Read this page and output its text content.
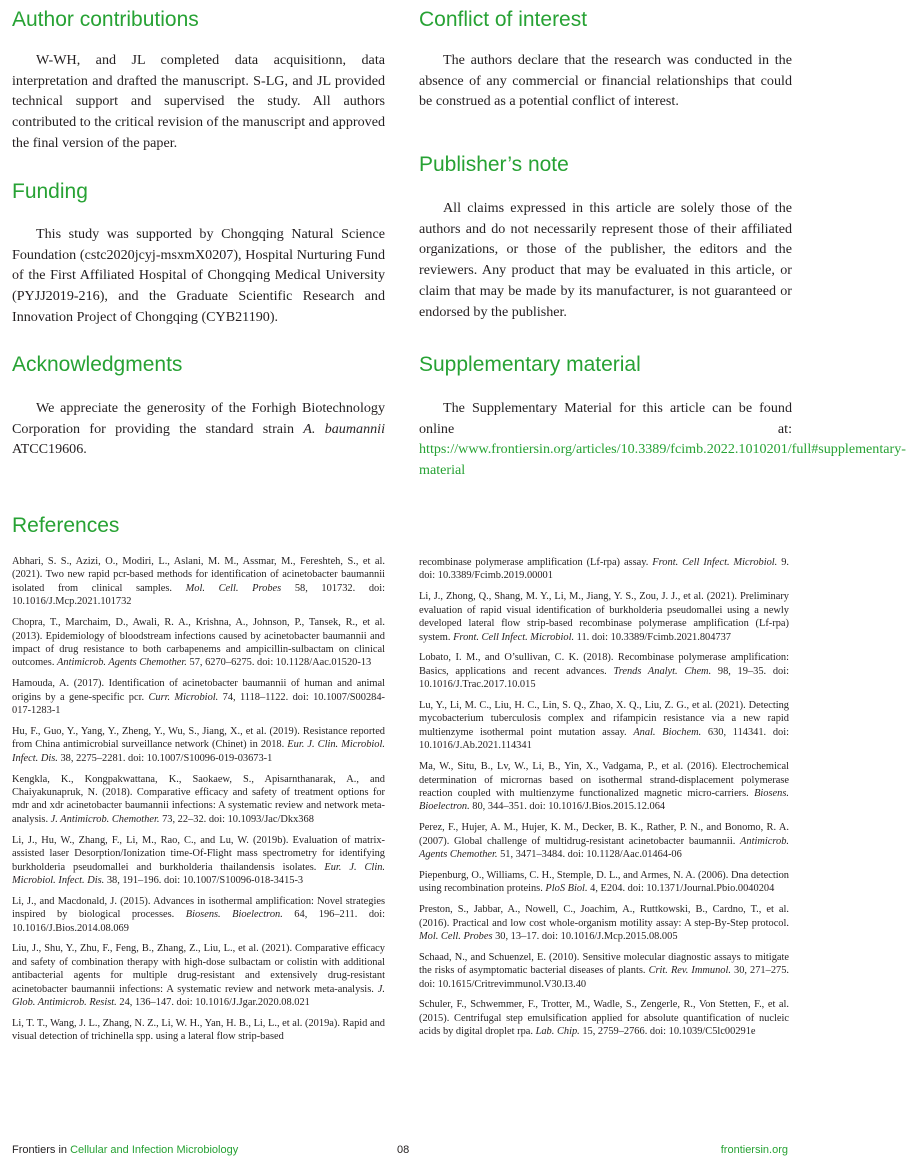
Author contributions

W-WH, and JL completed data acquisitionn, data interpretation and drafted the manuscript. S-LG, and JL provided technical support and supervised the study. All authors contributed to the critical revision of the manuscript and approved the final version of the paper.

Funding

This study was supported by Chongqing Natural Science Foundation (cstc2020jcyj-msxmX0207), Hospital Nurturing Fund of the First Affiliated Hospital of Chongqing Medical University (PYJJ2019-216), and the Graduate Scientific Research and Innovation Project of Chongqing (CYB21190).

Acknowledgments

We appreciate the generosity of the Forhigh Biotechnology Corporation for providing the standard strain A. baumannii ATCC19606.

Conflict of interest

The authors declare that the research was conducted in the absence of any commercial or financial relationships that could be construed as a potential conflict of interest.

Publisher’s note

All claims expressed in this article are solely those of the authors and do not necessarily represent those of their affiliated organizations, or those of the publisher, the editors and the reviewers. Any product that may be evaluated in this article, or claim that may be made by its manufacturer, is not guaranteed or endorsed by the publisher.

Supplementary material

The Supplementary Material for this article can be found online at: https://www.frontiersin.org/articles/10.3389/fcimb.2022.1010201/full#supplementary-material

References

Abhari, S. S., Azizi, O., Modiri, L., Aslani, M. M., Assmar, M., Fereshteh, S., et al. (2021). Two new rapid pcr-based methods for identification of acinetobacter baumannii isolated from clinical samples. Mol. Cell. Probes 58, 101732. doi: 10.1016/J.Mcp.2021.101732

Chopra, T., Marchaim, D., Awali, R. A., Krishna, A., Johnson, P., Tansek, R., et al. (2013). Epidemiology of bloodstream infections caused by acinetobacter baumannii and impact of drug resistance to both carbapenems and ampicillin-sulbactam on clinical outcomes. Antimicrob. Agents Chemother. 57, 6270–6275. doi: 10.1128/Aac.01520-13

Hamouda, A. (2017). Identification of acinetobacter baumannii of human and animal origins by a gene-specific pcr. Curr. Microbiol. 74, 1118–1122. doi: 10.1007/S00284-017-1283-1

Hu, F., Guo, Y., Yang, Y., Zheng, Y., Wu, S., Jiang, X., et al. (2019). Resistance reported from China antimicrobial surveillance network (Chinet) in 2018. Eur. J. Clin. Microbiol. Infect. Dis. 38, 2275–2281. doi: 10.1007/S10096-019-03673-1

Kengkla, K., Kongpakwattana, K., Saokaew, S., Apisarnthanarak, A., and Chaiyakunapruk, N. (2018). Comparative efficacy and safety of treatment options for mdr and xdr acinetobacter baumannii infections: A systematic review and network meta-analysis. J. Antimicrob. Chemother. 73, 22–32. doi: 10.1093/Jac/Dkx368

Li, J., Hu, W., Zhang, F., Li, M., Rao, C., and Lu, W. (2019b). Evaluation of matrix-assisted laser Desorption/Ionization time-Of-Flight mass spectrometry for identifying burkholderia pseudomallei and burkholderia thailandensis isolates. Eur. J. Clin. Microbiol. Infect. Dis. 38, 191–196. doi: 10.1007/S10096-018-3415-3

Li, J., and Macdonald, J. (2015). Advances in isothermal amplification: Novel strategies inspired by biological processes. Biosens. Bioelectron. 64, 196–211. doi: 10.1016/J.Bios.2014.08.069

Liu, J., Shu, Y., Zhu, F., Feng, B., Zhang, Z., Liu, L., et al. (2021). Comparative efficacy and safety of combination therapy with high-dose sulbactam or colistin with additional antibacterial agents for multiple drug-resistant and extensively drug-resistant acinetobacter baumannii infections: A systematic review and network meta-analysis. J. Glob. Antimicrob. Resist. 24, 136–147. doi: 10.1016/J.Jgar.2020.08.021

Li, T. T., Wang, J. L., Zhang, N. Z., Li, W. H., Yan, H. B., Li, L., et al. (2019a). Rapid and visual detection of trichinella spp. using a lateral flow strip-based

recombinase polymerase amplification (Lf-rpa) assay. Front. Cell Infect. Microbiol. 9. doi: 10.3389/Fcimb.2019.00001

Li, J., Zhong, Q., Shang, M. Y., Li, M., Jiang, Y. S., Zou, J. J., et al. (2021). Preliminary evaluation of rapid visual identification of burkholderia pseudomallei using a newly developed lateral flow strip-based recombinase polymerase amplification (Lf-rpa) system. Front. Cell Infect. Microbiol. 11. doi: 10.3389/Fcimb.2021.804737

Lobato, I. M., and O’sullivan, C. K. (2018). Recombinase polymerase amplification: Basics, applications and recent advances. Trends Analyt. Chem. 98, 19–35. doi: 10.1016/J.Trac.2017.10.015

Lu, Y., Li, M. C., Liu, H. C., Lin, S. Q., Zhao, X. Q., Liu, Z. G., et al. (2021). Detecting mycobacterium tuberculosis complex and rifampicin resistance via a new rapid multienzyme isothermal point mutation assay. Anal. Biochem. 630, 114341. doi: 10.1016/J.Ab.2021.114341

Ma, W., Situ, B., Lv, W., Li, B., Yin, X., Vadgama, P., et al. (2016). Electrochemical determination of micrornas based on isothermal strand-displacement polymerase reaction coupled with multienzyme functionalized magnetic micro-carriers. Biosens. Bioelectron. 80, 344–351. doi: 10.1016/J.Bios.2015.12.064

Perez, F., Hujer, A. M., Hujer, K. M., Decker, B. K., Rather, P. N., and Bonomo, R. A. (2007). Global challenge of multidrug-resistant acinetobacter baumannii. Antimicrob. Agents Chemother. 51, 3471–3484. doi: 10.1128/Aac.01464-06

Piepenburg, O., Williams, C. H., Stemple, D. L., and Armes, N. A. (2006). Dna detection using recombination proteins. PloS Biol. 4, E204. doi: 10.1371/Journal.Pbio.0040204

Preston, S., Jabbar, A., Nowell, C., Joachim, A., Ruttkowski, B., Cardno, T., et al. (2016). Practical and low cost whole-organism motility assay: A step-By-Step protocol. Mol. Cell. Probes 30, 13–17. doi: 10.1016/J.Mcp.2015.08.005

Schaad, N., and Schuenzel, E. (2010). Sensitive molecular diagnostic assays to mitigate the risks of asymptomatic bacterial diseases of plants. Crit. Rev. Immunol. 30, 271–275. doi: 10.1615/Critrevimmunol.V30.I3.40

Schuler, F., Schwemmer, F., Trotter, M., Wadle, S., Zengerle, R., Von Stetten, F., et al. (2015). Centrifugal step emulsification applied for absolute quantification of nucleic acids by digital droplet rpa. Lab. Chip. 15, 2759–2766. doi: 10.1039/C5lc00291e

Frontiers in Cellular and Infection Microbiology	08	frontiersin.org
